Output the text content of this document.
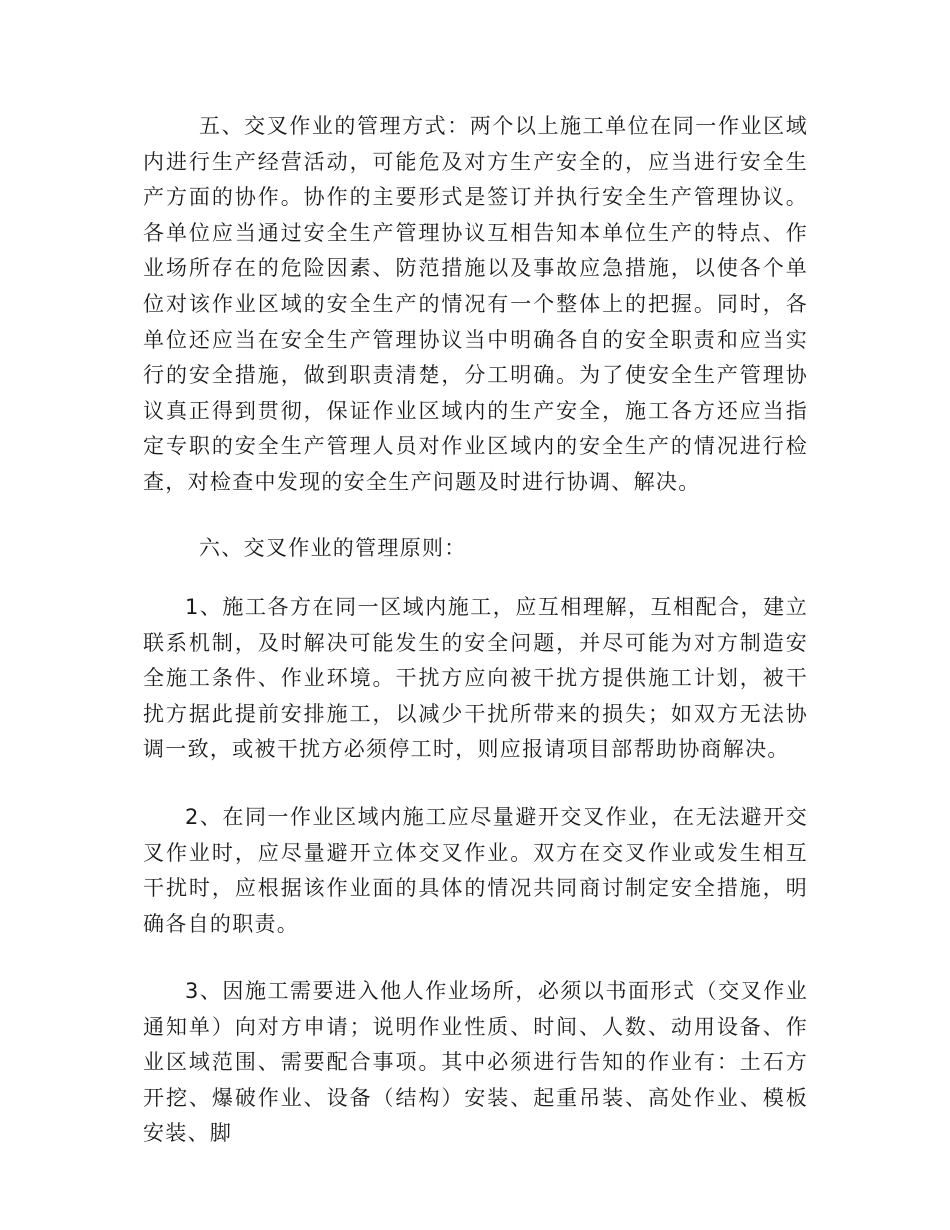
五、交叉作业的管理方式：两个以上施工单位在同一作业区域内进行生产经营活动，可能危及对方生产安全的，应当进行安全生产方面的协作。协作的主要形式是签订并执行安全生产管理协议。各单位应当通过安全生产管理协议互相告知本单位生产的特点、作业场所存在的危险因素、防范措施以及事故应急措施，以使各个单位对该作业区域的安全生产的情况有一个整体上的把握。同时，各单位还应当在安全生产管理协议当中明确各自的安全职责和应当实行的安全措施，做到职责清楚，分工明确。为了使安全生产管理协议真正得到贯彻，保证作业区域内的生产安全，施工各方还应当指定专职的安全生产管理人员对作业区域内的安全生产的情况进行检查，对检查中发现的安全生产问题及时进行协调、解决。

六、交叉作业的管理原则：

1、施工各方在同一区域内施工，应互相理解，互相配合，建立联系机制，及时解决可能发生的安全问题，并尽可能为对方制造安全施工条件、作业环境。干扰方应向被干扰方提供施工计划，被干扰方据此提前安排施工，以减少干扰所带来的损失；如双方无法协调一致，或被干扰方必须停工时，则应报请项目部帮助协商解决。

2、在同一作业区域内施工应尽量避开交叉作业，在无法避开交叉作业时，应尽量避开立体交叉作业。双方在交叉作业或发生相互干扰时，应根据该作业面的具体的情况共同商讨制定安全措施，明确各自的职责。

3、因施工需要进入他人作业场所，必须以书面形式（交叉作业通知单）向对方申请；说明作业性质、时间、人数、动用设备、作业区域范围、需要配合事项。其中必须进行告知的作业有：土石方开挖、爆破作业、设备（结构）安装、起重吊装、高处作业、模板安装、脚
